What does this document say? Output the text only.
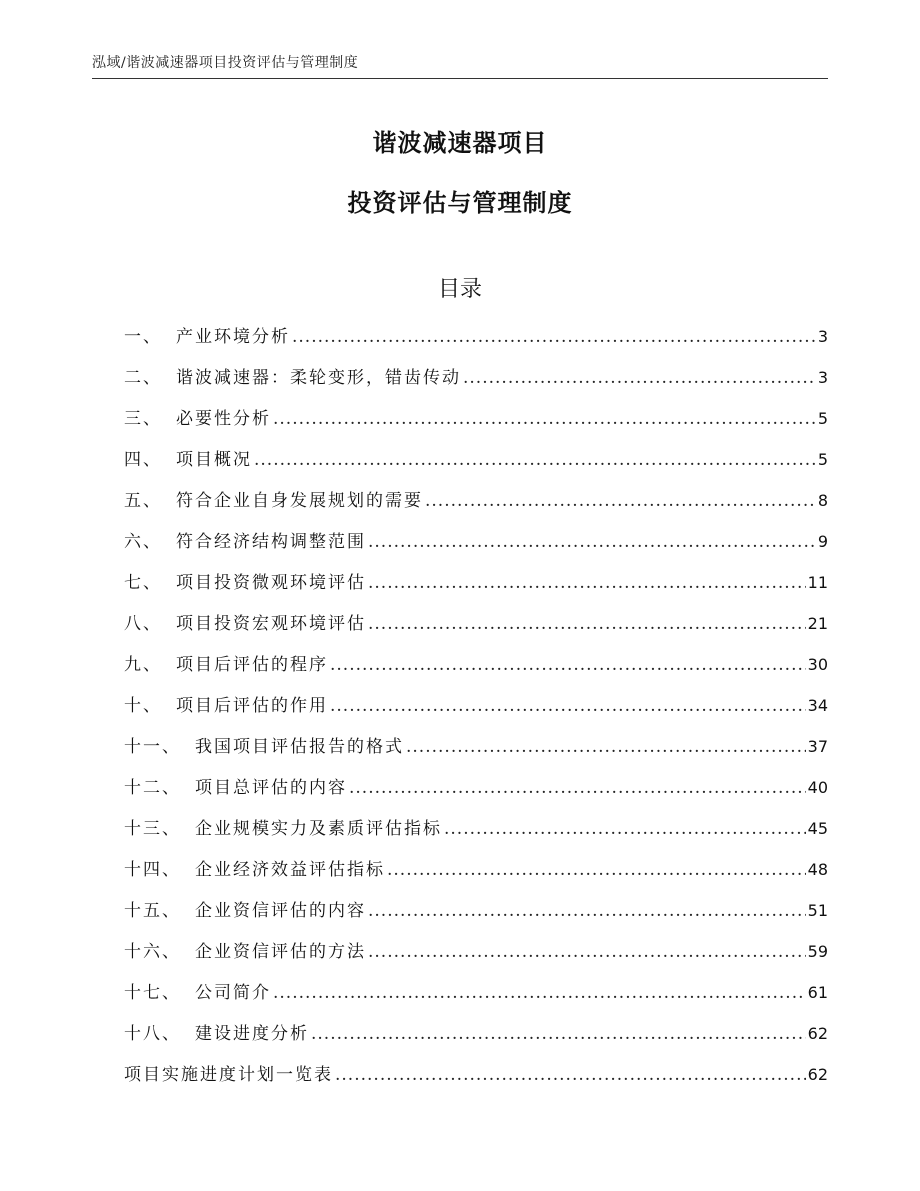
泓域/谐波减速器项目投资评估与管理制度
谐波减速器项目
投资评估与管理制度
目录
一、 产业环境分析 .....	3
二、 谐波减速器：柔轮变形，错齿传动 .....	3
三、 必要性分析 .....	5
四、 项目概况 .....	5
五、 符合企业自身发展规划的需要 .....	8
六、 符合经济结构调整范围 .....	9
七、 项目投资微观环境评估 .....	11
八、 项目投资宏观环境评估 .....	21
九、 项目后评估的程序 .....	30
十、 项目后评估的作用 .....	34
十一、 我国项目评估报告的格式 .....	37
十二、 项目总评估的内容 .....	40
十三、 企业规模实力及素质评估指标 .....	45
十四、 企业经济效益评估指标 .....	48
十五、 企业资信评估的内容 .....	51
十六、 企业资信评估的方法 .....	59
十七、 公司简介 .....	61
十八、 建设进度分析 .....	62
项目实施进度计划一览表 .....	62
